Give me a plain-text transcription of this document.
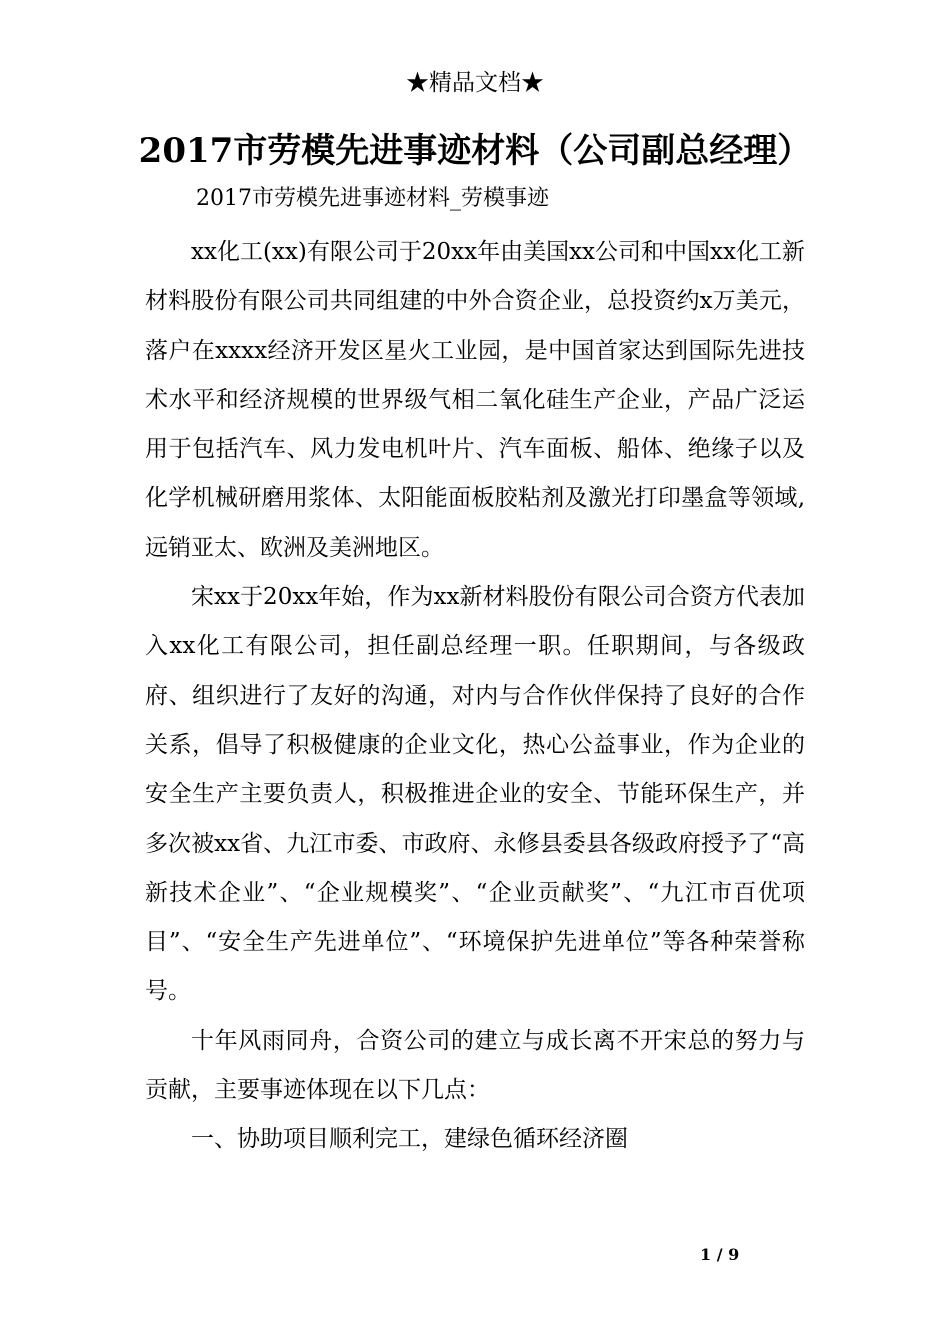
★精品文档★
2017市劳模先进事迹材料（公司副总经理）
2017市劳模先进事迹材料_劳模事迹

xx化工(xx)有限公司于20xx年由美国xx公司和中国xx化工新材料股份有限公司共同组建的中外合资企业，总投资约x万美元，落户在xxxx经济开发区星火工业园，是中国首家达到国际先进技术水平和经济规模的世界级气相二氧化硅生产企业，产品广泛运用于包括汽车、风力发电机叶片、汽车面板、船体、绝缘子以及化学机械研磨用浆体、太阳能面板胶粘剂及激光打印墨盒等领域,远销亚太、欧洲及美洲地区。

宋xx于20xx年始，作为xx新材料股份有限公司合资方代表加入xx化工有限公司，担任副总经理一职。任职期间，与各级政府、组织进行了友好的沟通，对内与合作伙伴保持了良好的合作关系，倡导了积极健康的企业文化，热心公益事业，作为企业的安全生产主要负责人，积极推进企业的安全、节能环保生产，并多次被xx省、九江市委、市政府、永修县委县各级政府授予了“高新技术企业”、“企业规模奖”、“企业贡献奖”、“九江市百优项目”、“安全生产先进单位”、“环境保护先进单位”等各种荣誉称号。

十年风雨同舟，合资公司的建立与成长离不开宋总的努力与贡献，主要事迹体现在以下几点：

一、协助项目顺利完工，建绿色循环经济圈

1 / 9
